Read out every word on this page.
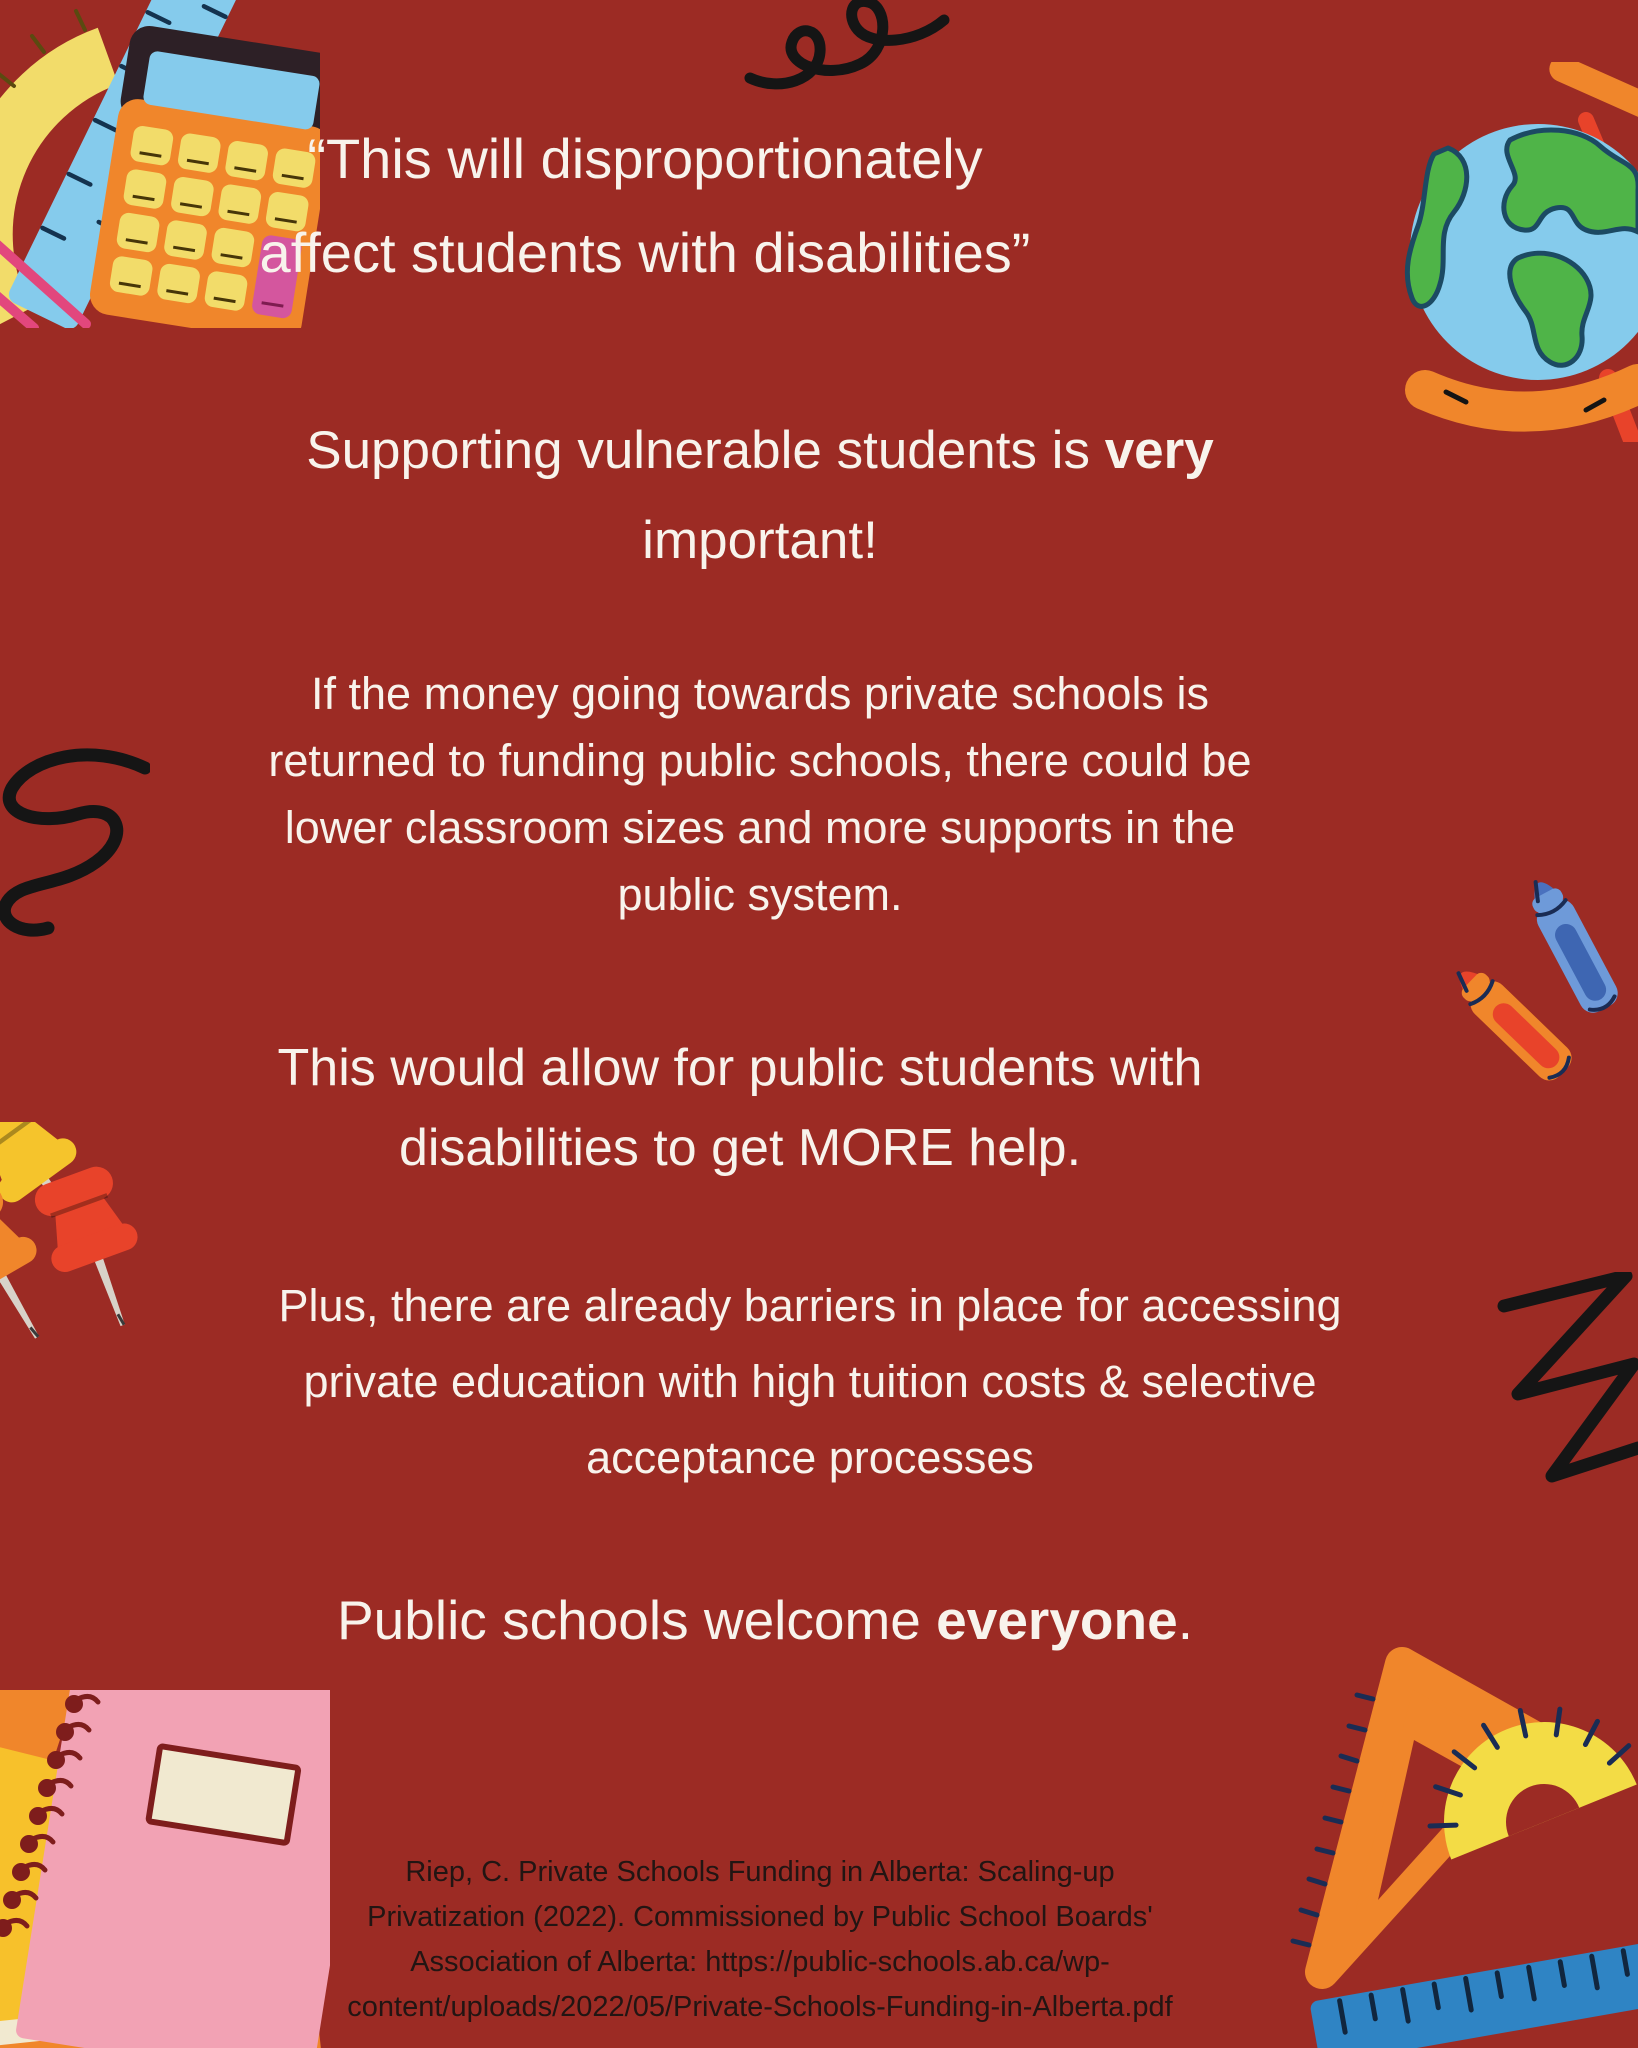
“This will disproportionately
affect students with disabilities”
Supporting vulnerable students is very
important!
If the money going towards private schools is
returned to funding public schools, there could be
lower classroom sizes and more supports in the
public system.
This would allow for public students with
disabilities to get MORE help.
Plus, there are already barriers in place for accessing
private education with high tuition costs & selective
acceptance processes
Public schools welcome everyone.
Riep, C. Private Schools Funding in Alberta: Scaling-up
Privatization (2022). Commissioned by Public School Boards'
Association of Alberta: https://public-schools.ab.ca/wp-
content/uploads/2022/05/Private-Schools-Funding-in-Alberta.pdf
